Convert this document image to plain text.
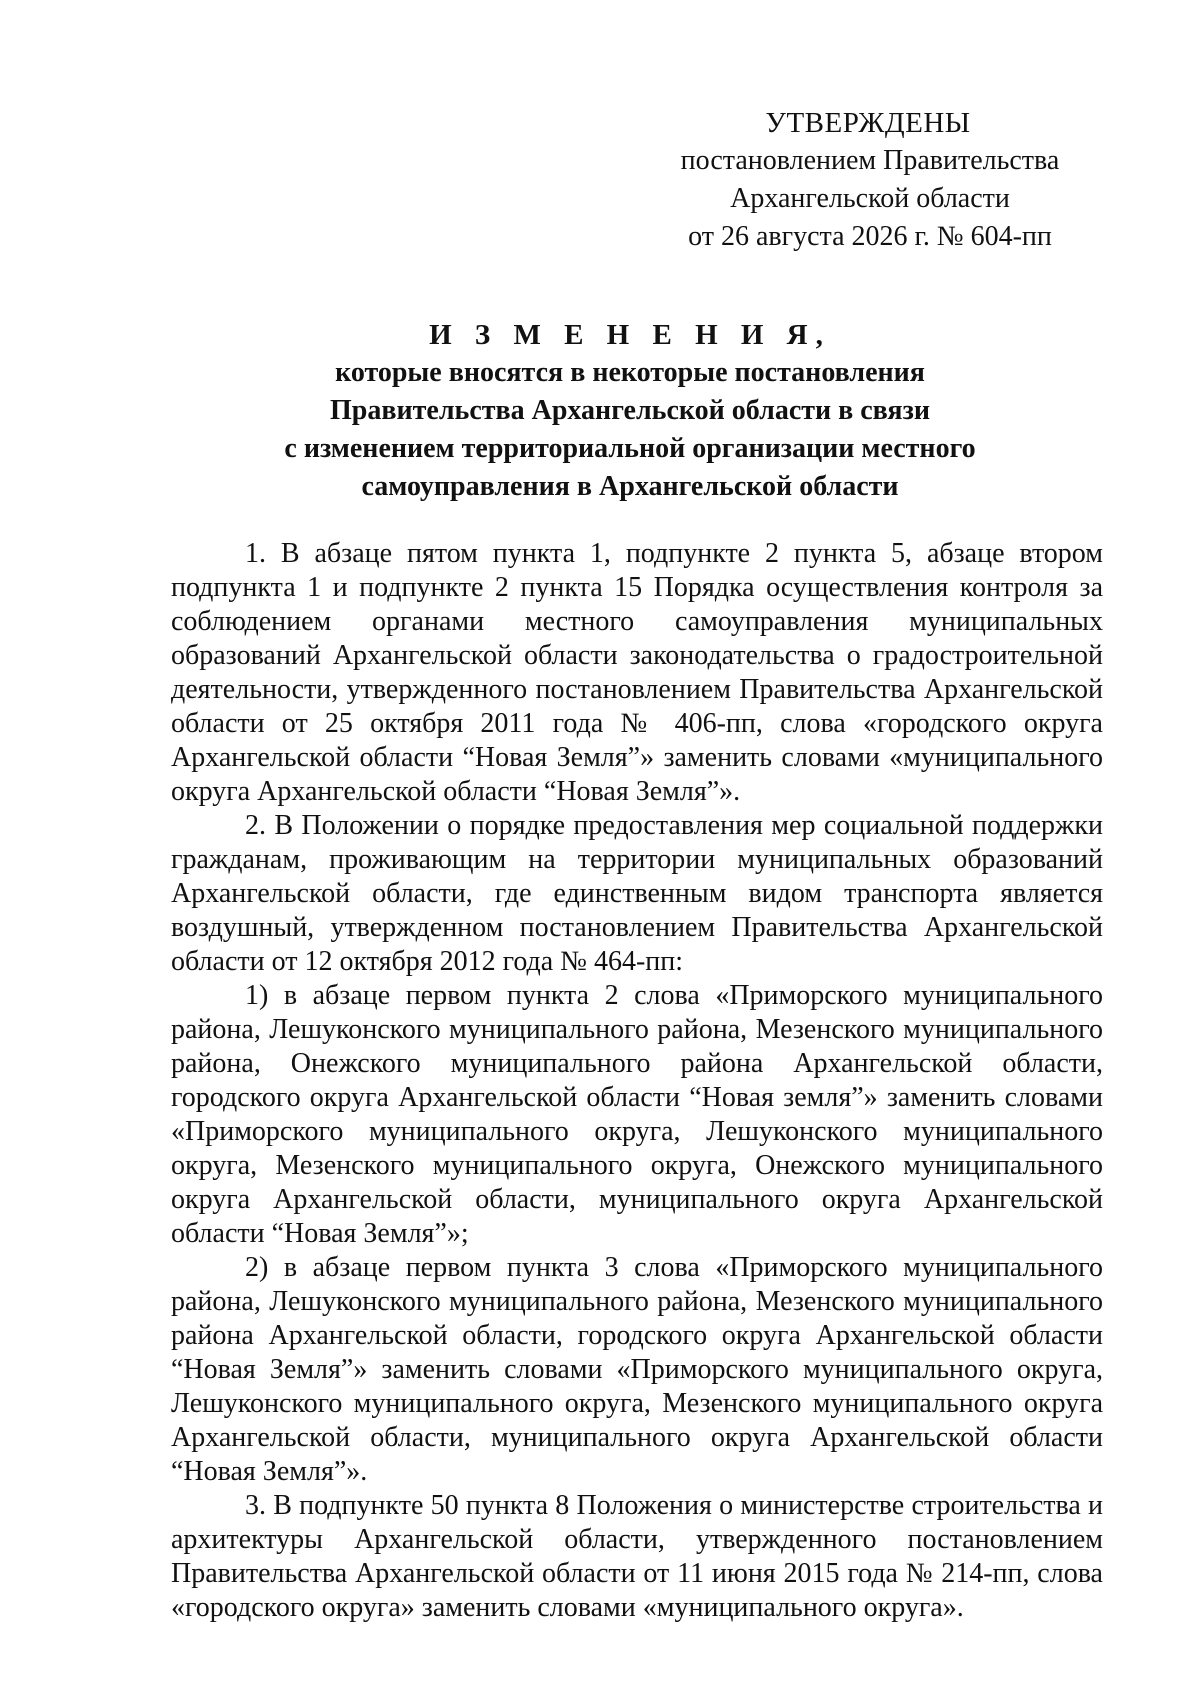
УТВЕРЖДЕНЫ
постановлением Правительства
Архангельской области
от 26 августа 2026 г. № 604-пп
И З М Е Н Е Н И Я,
которые вносятся в некоторые постановления
Правительства Архангельской области в связи
с изменением территориальной организации местного
самоуправления в Архангельской области

1. В абзаце пятом пункта 1, подпункте 2 пункта 5, абзаце втором подпункта 1 и подпункте 2 пункта 15 Порядка осуществления контроля за соблюдением органами местного самоуправления муниципальных образований Архангельской области законодательства о градостроительной деятельности, утвержденного постановлением Правительства Архангельской области от 25 октября 2011 года № 406-пп, слова «городского округа Архангельской области “Новая Земля”» заменить словами «муниципального округа Архангельской области “Новая Земля”».

2. В Положении о порядке предоставления мер социальной поддержки гражданам, проживающим на территории муниципальных образований Архангельской области, где единственным видом транспорта является воздушный, утвержденном постановлением Правительства Архангельской области от 12 октября 2012 года № 464-пп:

1) в абзаце первом пункта 2 слова «Приморского муниципального района, Лешуконского муниципального района, Мезенского муниципального района, Онежского муниципального района Архангельской области, городского округа Архангельской области “Новая земля”» заменить словами «Приморского муниципального округа, Лешуконского муниципального округа, Мезенского муниципального округа, Онежского муниципального округа Архангельской области, муниципального округа Архангельской области “Новая Земля”»;

2) в абзаце первом пункта 3 слова «Приморского муниципального района, Лешуконского муниципального района, Мезенского муниципального района Архангельской области, городского округа Архангельской области “Новая Земля”» заменить словами «Приморского муниципального округа, Лешуконского муниципального округа, Мезенского муниципального округа Архангельской области, муниципального округа Архангельской области “Новая Земля”».

3. В подпункте 50 пункта 8 Положения о министерстве строительства и архитектуры Архангельской области, утвержденного постановлением Правительства Архангельской области от 11 июня 2015 года № 214-пп, слова «городского округа» заменить словами «муниципального округа».
